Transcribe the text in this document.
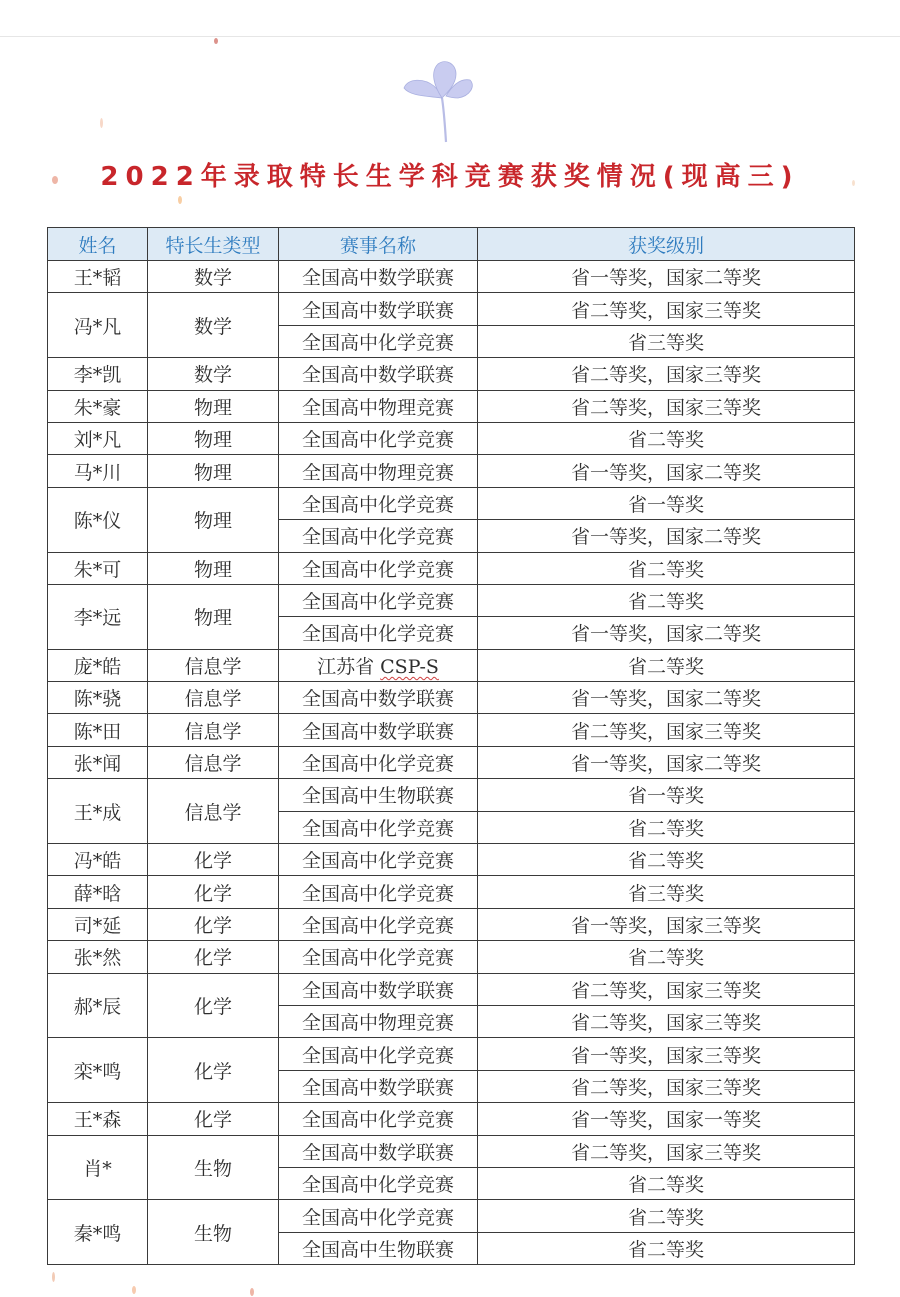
2022年录取特长生学科竞赛获奖情况(现高三)
姓名	特长生类型	赛事名称	获奖级别
王*韬	数学	全国高中数学联赛	省一等奖，国家二等奖
冯*凡	数学	全国高中数学联赛	省二等奖，国家三等奖
		全国高中化学竞赛	省三等奖
李*凯	数学	全国高中数学联赛	省二等奖，国家三等奖
朱*豪	物理	全国高中物理竞赛	省二等奖，国家三等奖
刘*凡	物理	全国高中化学竞赛	省二等奖
马*川	物理	全国高中物理竞赛	省一等奖，国家二等奖
陈*仪	物理	全国高中化学竞赛	省一等奖
		全国高中化学竞赛	省一等奖，国家二等奖
朱*可	物理	全国高中化学竞赛	省二等奖
李*远	物理	全国高中化学竞赛	省二等奖
		全国高中化学竞赛	省一等奖，国家二等奖
庞*皓	信息学	江苏省 CSP-S	省二等奖
陈*骁	信息学	全国高中数学联赛	省一等奖，国家二等奖
陈*田	信息学	全国高中数学联赛	省二等奖，国家三等奖
张*闻	信息学	全国高中化学竞赛	省一等奖，国家二等奖
王*成	信息学	全国高中生物联赛	省一等奖
		全国高中化学竞赛	省二等奖
冯*皓	化学	全国高中化学竞赛	省二等奖
薛*晗	化学	全国高中化学竞赛	省三等奖
司*延	化学	全国高中化学竞赛	省一等奖，国家三等奖
张*然	化学	全国高中化学竞赛	省二等奖
郝*辰	化学	全国高中数学联赛	省二等奖，国家三等奖
		全国高中物理竞赛	省二等奖，国家三等奖
栾*鸣	化学	全国高中化学竞赛	省一等奖，国家三等奖
		全国高中数学联赛	省二等奖，国家三等奖
王*森	化学	全国高中化学竞赛	省一等奖，国家一等奖
肖*	生物	全国高中数学联赛	省二等奖，国家三等奖
		全国高中化学竞赛	省二等奖
秦*鸣	生物	全国高中化学竞赛	省二等奖
		全国高中生物联赛	省二等奖
